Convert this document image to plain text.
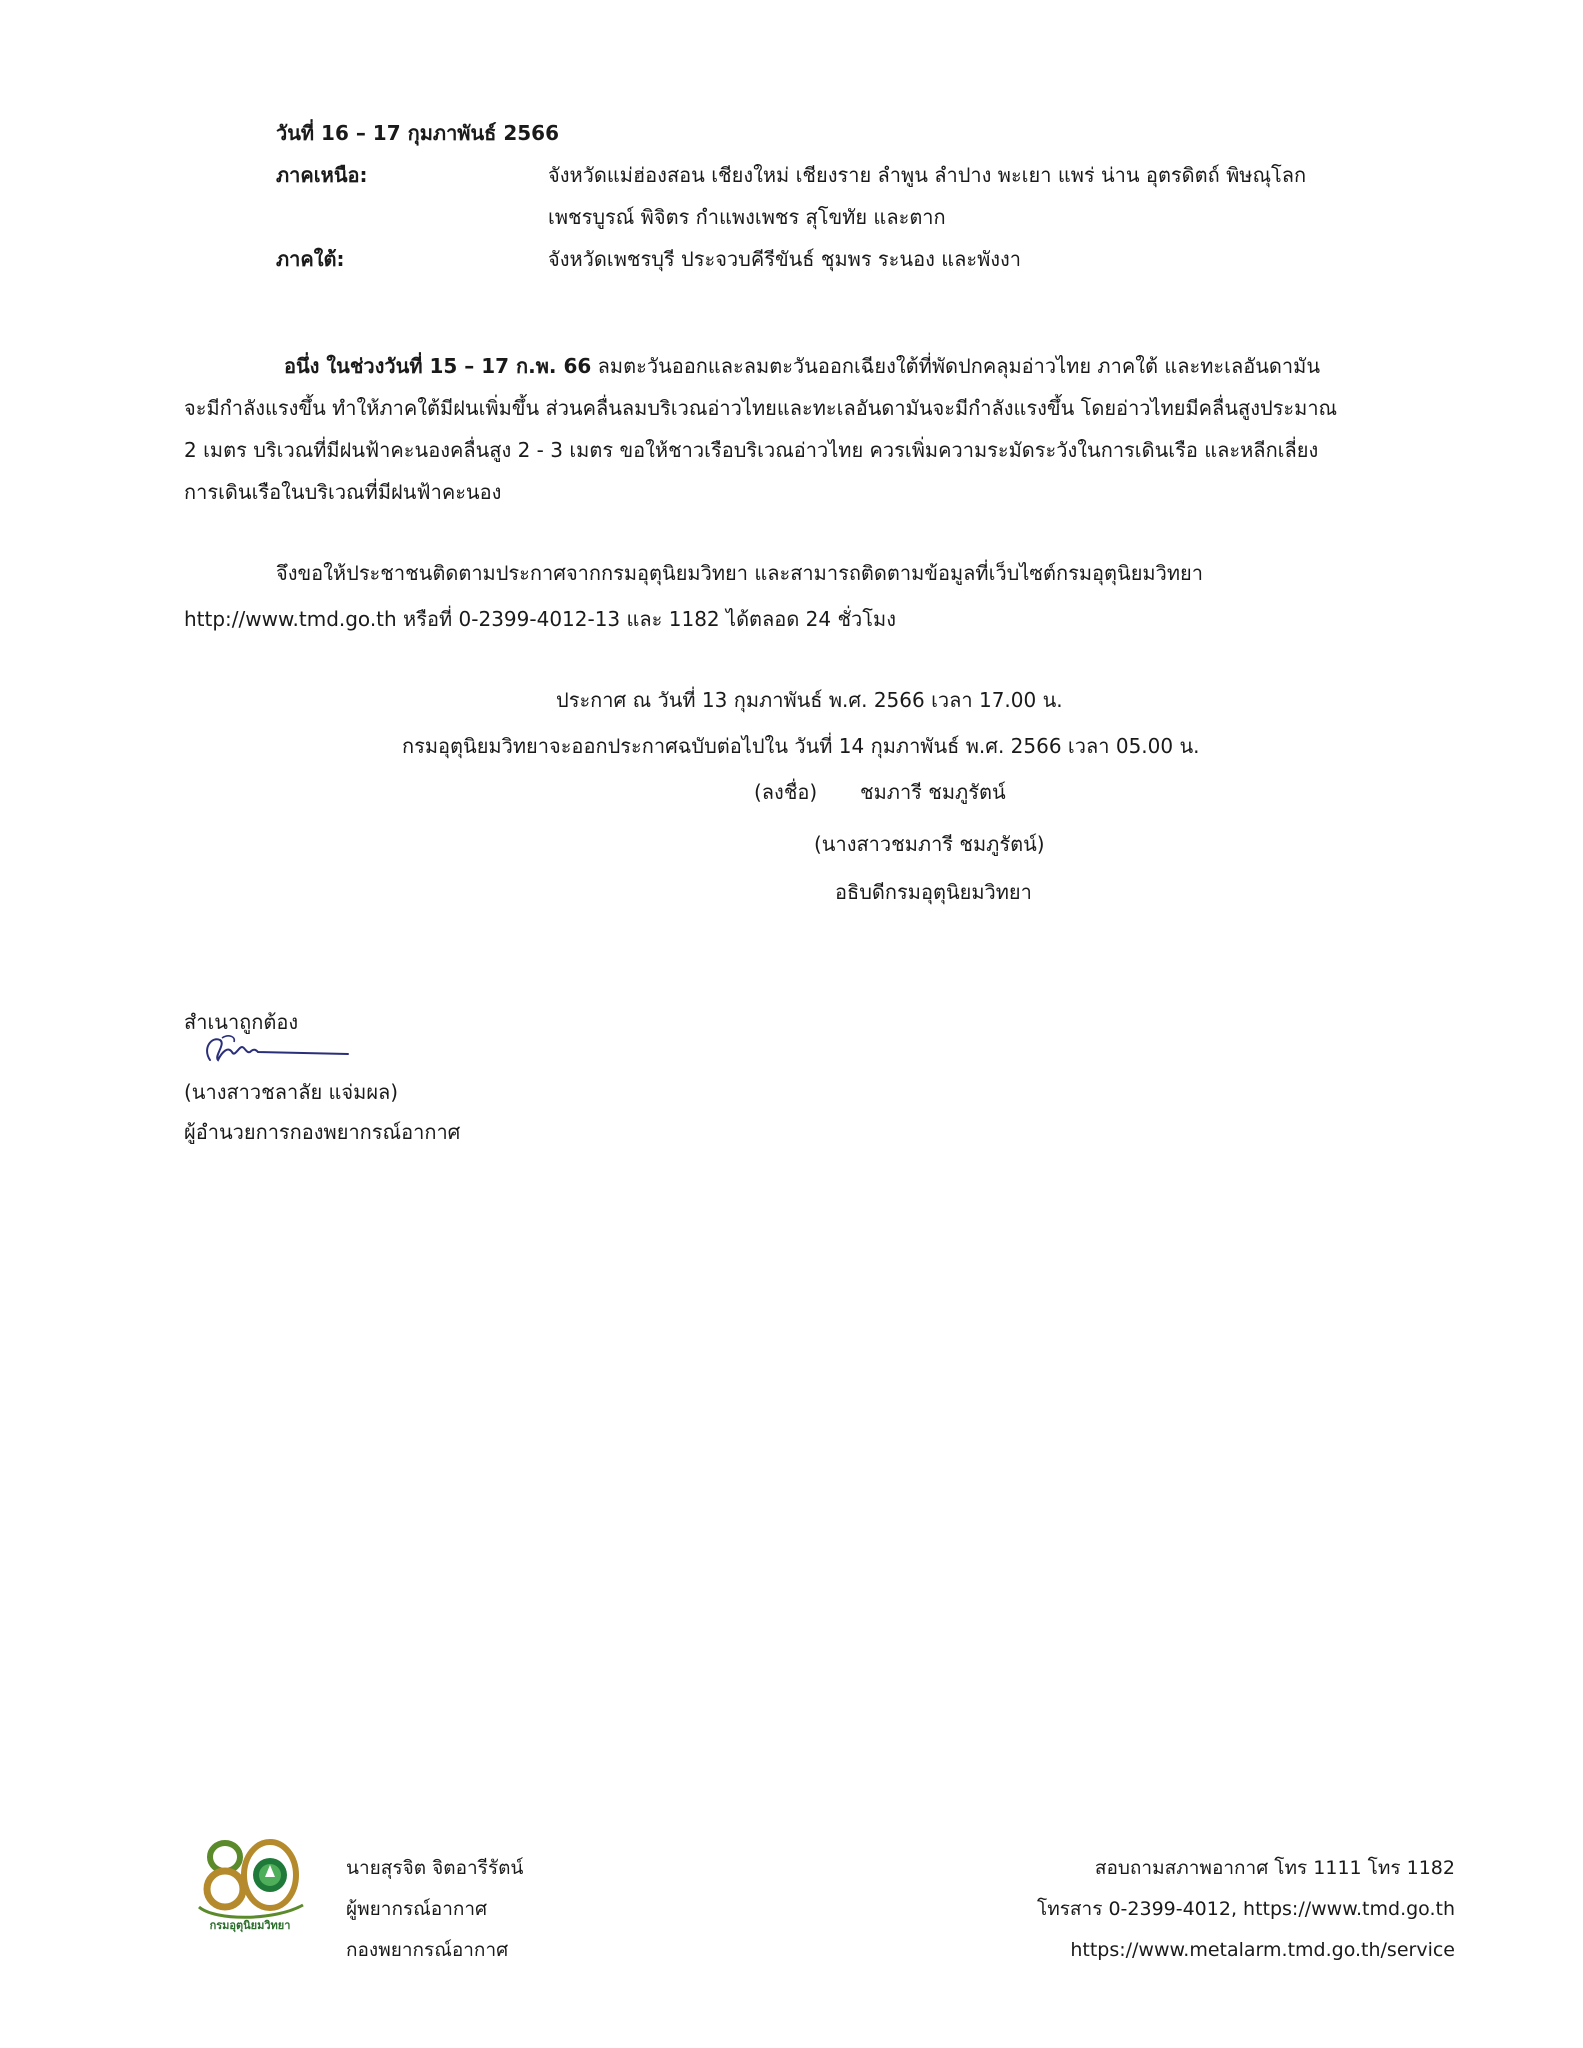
วันที่ 16 – 17 กุมภาพันธ์ 2566
ภาคเหนือ:	จังหวัดแม่ฮ่องสอน เชียงใหม่ เชียงราย ลำพูน ลำปาง พะเยา แพร่ น่าน อุตรดิตถ์ พิษณุโลก
เพชรบูรณ์ พิจิตร กำแพงเพชร สุโขทัย และตาก
ภาคใต้:	จังหวัดเพชรบุรี ประจวบคีรีขันธ์ ชุมพร ระนอง และพังงา
อนึ่ง ในช่วงวันที่ 15 – 17 ก.พ. 66 ลมตะวันออกและลมตะวันออกเฉียงใต้ที่พัดปกคลุมอ่าวไทย ภาคใต้ และทะเลอันดามัน
จะมีกำลังแรงขึ้น ทำให้ภาคใต้มีฝนเพิ่มขึ้น ส่วนคลื่นลมบริเวณอ่าวไทยและทะเลอันดามันจะมีกำลังแรงขึ้น โดยอ่าวไทยมีคลื่นสูงประมาณ
2 เมตร บริเวณที่มีฝนฟ้าคะนองคลื่นสูง 2 - 3 เมตร ขอให้ชาวเรือบริเวณอ่าวไทย ควรเพิ่มความระมัดระวังในการเดินเรือ และหลีกเลี่ยง
การเดินเรือในบริเวณที่มีฝนฟ้าคะนอง
จึงขอให้ประชาชนติดตามประกาศจากกรมอุตุนิยมวิทยา และสามารถติดตามข้อมูลที่เว็บไซต์กรมอุตุนิยมวิทยา
http://www.tmd.go.th หรือที่ 0-2399-4012-13 และ 1182 ได้ตลอด 24 ชั่วโมง
ประกาศ ณ วันที่ 13 กุมภาพันธ์ พ.ศ. 2566 เวลา 17.00 น.
กรมอุตุนิยมวิทยาจะออกประกาศฉบับต่อไปใน วันที่ 14 กุมภาพันธ์ พ.ศ. 2566 เวลา 05.00 น.
(ลงชื่อ) ชมภารี ชมภูรัตน์
(นางสาวชมภารี ชมภูรัตน์)
อธิบดีกรมอุตุนิยมวิทยา
สำเนาถูกต้อง
(นางสาวชลาลัย แจ่มผล)
ผู้อำนวยการกองพยากรณ์อากาศ
กรมอุตุนิยมวิทยา
นายสุรจิต จิตอารีรัตน์
ผู้พยากรณ์อากาศ
กองพยากรณ์อากาศ
สอบถามสภาพอากาศ โทร 1111 โทร 1182
โทรสาร 0-2399-4012, https://www.tmd.go.th
https://www.metalarm.tmd.go.th/service
